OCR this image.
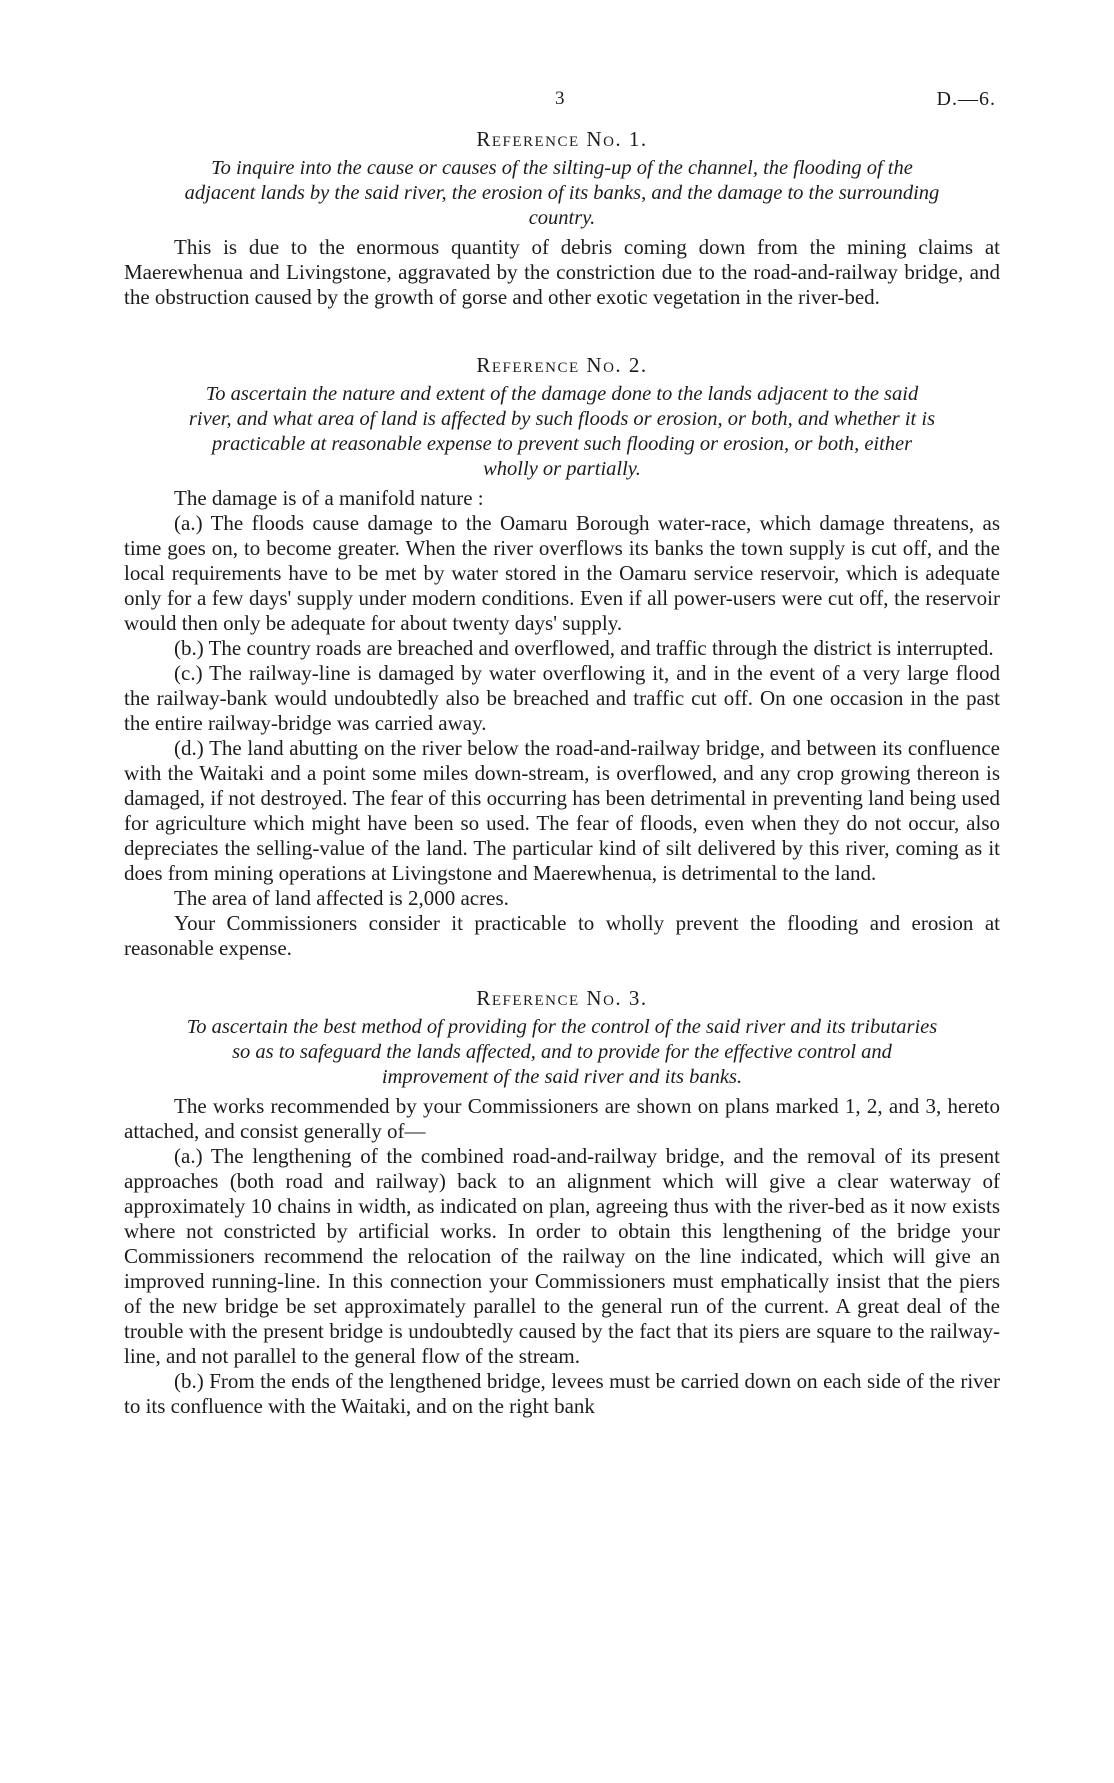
3	D.—6.
Reference No. 1.

To inquire into the cause or causes of the silting-up of the channel, the flooding of the adjacent lands by the said river, the erosion of its banks, and the damage to the surrounding country.

This is due to the enormous quantity of debris coming down from the mining claims at Maerewhenua and Livingstone, aggravated by the constriction due to the road-and-railway bridge, and the obstruction caused by the growth of gorse and other exotic vegetation in the river-bed.

Reference No. 2.

To ascertain the nature and extent of the damage done to the lands adjacent to the said river, and what area of land is affected by such floods or erosion, or both, and whether it is practicable at reasonable expense to prevent such flooding or erosion, or both, either wholly or partially.

The damage is of a manifold nature :

(a.) The floods cause damage to the Oamaru Borough water-race, which damage threatens, as time goes on, to become greater. When the river overflows its banks the town supply is cut off, and the local requirements have to be met by water stored in the Oamaru service reservoir, which is adequate only for a few days' supply under modern conditions. Even if all power-users were cut off, the reservoir would then only be adequate for about twenty days' supply.

(b.) The country roads are breached and overflowed, and traffic through the district is interrupted.

(c.) The railway-line is damaged by water overflowing it, and in the event of a very large flood the railway-bank would undoubtedly also be breached and traffic cut off. On one occasion in the past the entire railway-bridge was carried away.

(d.) The land abutting on the river below the road-and-railway bridge, and between its confluence with the Waitaki and a point some miles down-stream, is overflowed, and any crop growing thereon is damaged, if not destroyed. The fear of this occurring has been detrimental in preventing land being used for agriculture which might have been so used. The fear of floods, even when they do not occur, also depreciates the selling-value of the land. The particular kind of silt delivered by this river, coming as it does from mining operations at Livingstone and Maerewhenua, is detrimental to the land.

The area of land affected is 2,000 acres.

Your Commissioners consider it practicable to wholly prevent the flooding and erosion at reasonable expense.

Reference No. 3.

To ascertain the best method of providing for the control of the said river and its tributaries so as to safeguard the lands affected, and to provide for the effective control and improvement of the said river and its banks.

The works recommended by your Commissioners are shown on plans marked 1, 2, and 3, hereto attached, and consist generally of—

(a.) The lengthening of the combined road-and-railway bridge, and the removal of its present approaches (both road and railway) back to an alignment which will give a clear waterway of approximately 10 chains in width, as indicated on plan, agreeing thus with the river-bed as it now exists where not constricted by artificial works. In order to obtain this lengthening of the bridge your Commissioners recommend the relocation of the railway on the line indicated, which will give an improved running-line. In this connection your Commissioners must emphatically insist that the piers of the new bridge be set approximately parallel to the general run of the current. A great deal of the trouble with the present bridge is undoubtedly caused by the fact that its piers are square to the railway-line, and not parallel to the general flow of the stream.

(b.) From the ends of the lengthened bridge, levees must be carried down on each side of the river to its confluence with the Waitaki, and on the right bank
